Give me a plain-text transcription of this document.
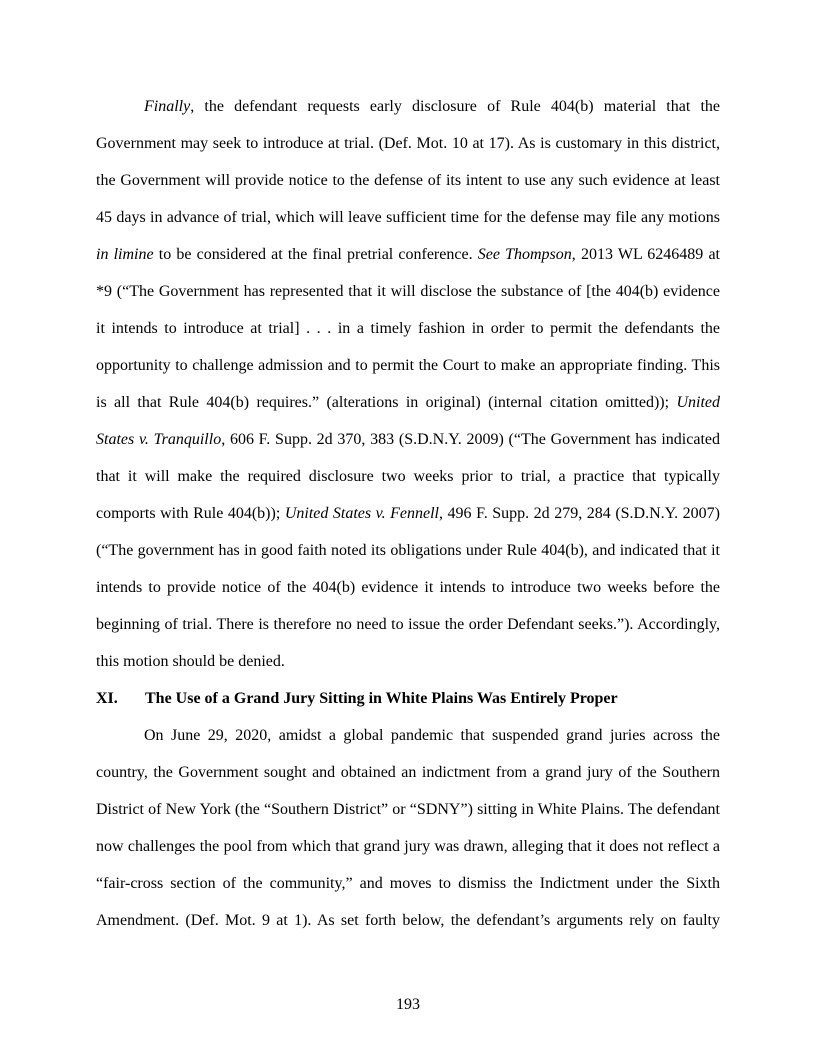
Finally, the defendant requests early disclosure of Rule 404(b) material that the Government may seek to introduce at trial. (Def. Mot. 10 at 17). As is customary in this district, the Government will provide notice to the defense of its intent to use any such evidence at least 45 days in advance of trial, which will leave sufficient time for the defense may file any motions in limine to be considered at the final pretrial conference. See Thompson, 2013 WL 6246489 at *9 (“The Government has represented that it will disclose the substance of [the 404(b) evidence it intends to introduce at trial] . . . in a timely fashion in order to permit the defendants the opportunity to challenge admission and to permit the Court to make an appropriate finding. This is all that Rule 404(b) requires.” (alterations in original) (internal citation omitted)); United States v. Tranquillo, 606 F. Supp. 2d 370, 383 (S.D.N.Y. 2009) (“The Government has indicated that it will make the required disclosure two weeks prior to trial, a practice that typically comports with Rule 404(b)); United States v. Fennell, 496 F. Supp. 2d 279, 284 (S.D.N.Y. 2007) (“The government has in good faith noted its obligations under Rule 404(b), and indicated that it intends to provide notice of the 404(b) evidence it intends to introduce two weeks before the beginning of trial. There is therefore no need to issue the order Defendant seeks.”). Accordingly, this motion should be denied.

XI. The Use of a Grand Jury Sitting in White Plains Was Entirely Proper

On June 29, 2020, amidst a global pandemic that suspended grand juries across the country, the Government sought and obtained an indictment from a grand jury of the Southern District of New York (the “Southern District” or “SDNY”) sitting in White Plains. The defendant now challenges the pool from which that grand jury was drawn, alleging that it does not reflect a “fair-cross section of the community,” and moves to dismiss the Indictment under the Sixth Amendment. (Def. Mot. 9 at 1). As set forth below, the defendant’s arguments rely on faulty

193
